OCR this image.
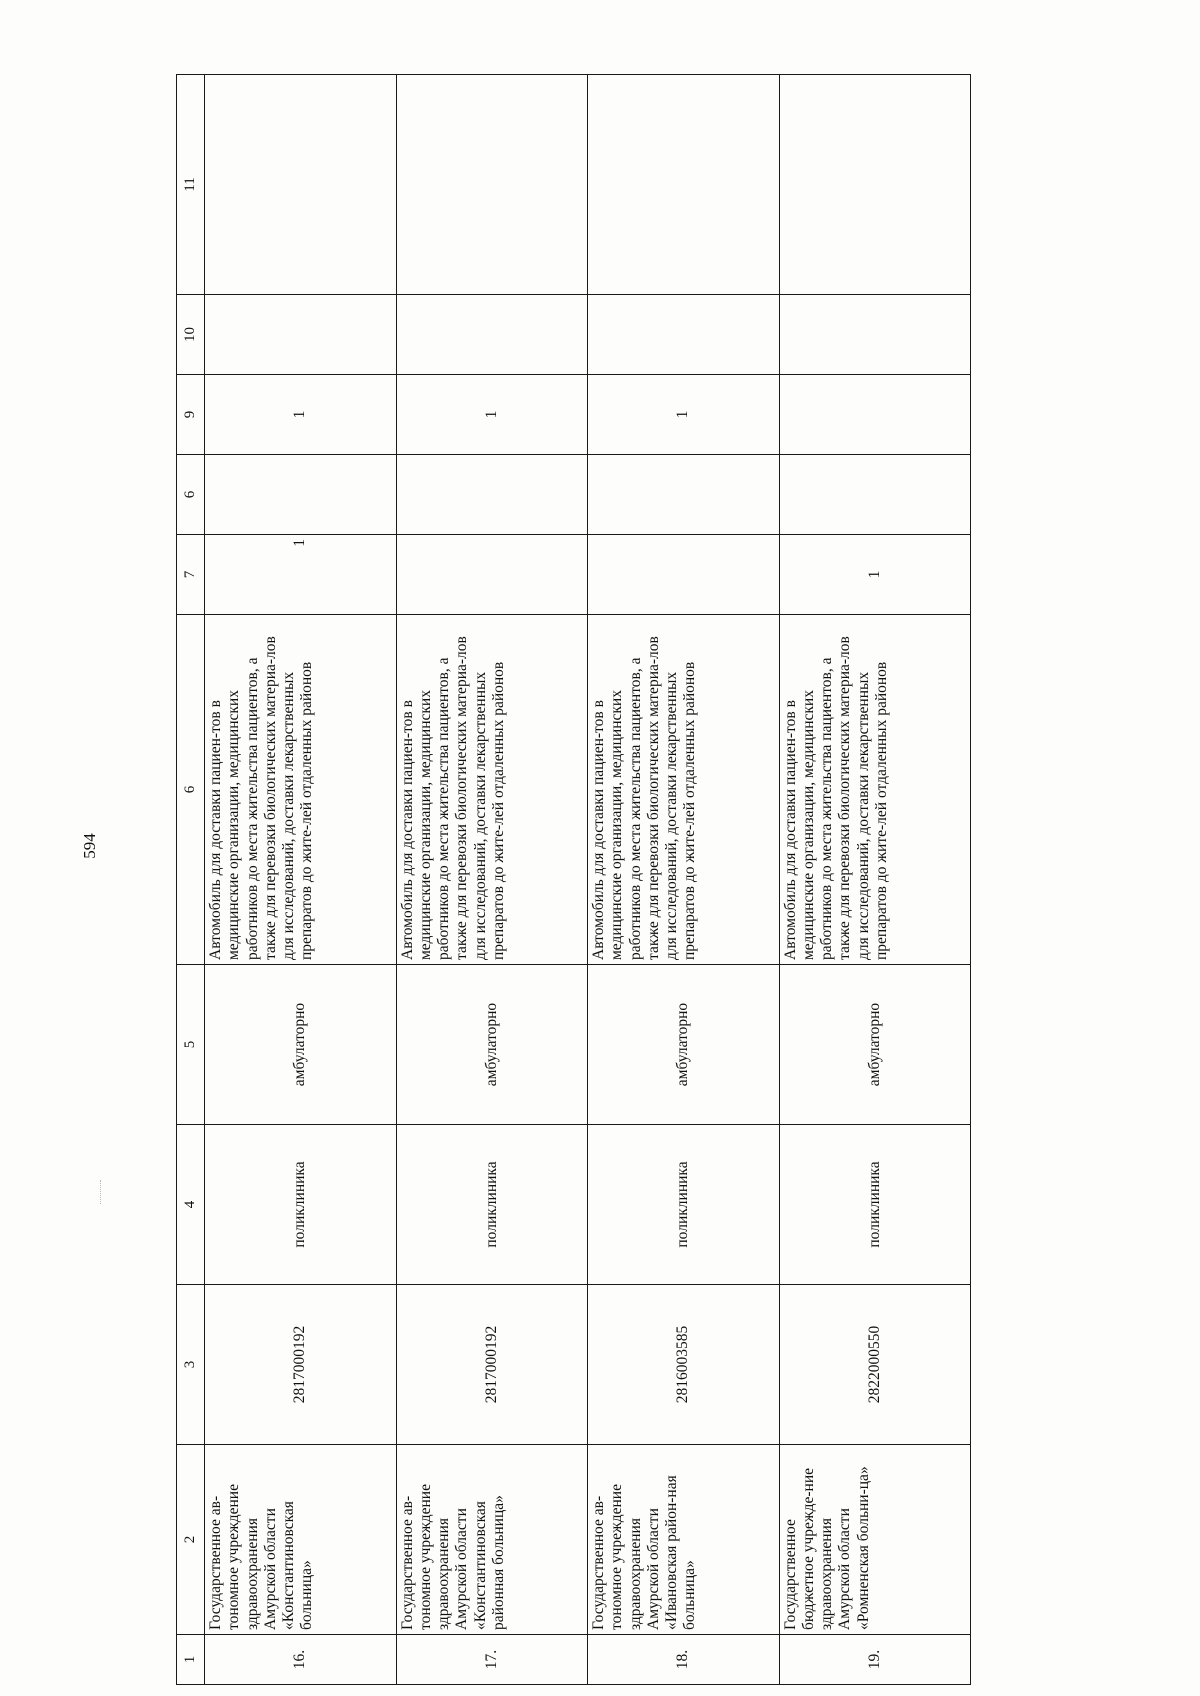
594
1	2	3	4	5	6	7	6	9	10	11
16.	Государственное ав-тономное учреждение здравоохранения Амурской области «Константиновская больница»	2817000192	поликлиника	амбулаторно	Автомобиль для доставки пациен-тов в медицинские организации, медицинских работников до места жительства пациентов, а также для перевозки биологических материа-лов для исследований, доставки лекарственных препаратов до жите-лей отдаленных районов	1		1		
17.	Государственное ав-тономное учреждение здравоохранения Амурской области «Константиновская районная больница»	2817000192	поликлиника	амбулаторно	Автомобиль для доставки пациен-тов в медицинские организации, медицинских работников до места жительства пациентов, а также для перевозки биологических материа-лов для исследований, доставки лекарственных препаратов до жите-лей отдаленных районов			1		
18.	Государственное ав-тономное учреждение здравоохранения Амурской области «Ивановская район-ная больница»	2816003585	поликлиника	амбулаторно	Автомобиль для доставки пациен-тов в медицинские организации, медицинских работников до места жительства пациентов, а также для перевозки биологических материа-лов для исследований, доставки лекарственных препаратов до жите-лей отдаленных районов			1		
19.	Государственное бюджетное учрежде-ние здравоохранения Амурской области «Ромненская больни-ца»	2822000550	поликлиника	амбулаторно	Автомобиль для доставки пациен-тов в медицинские организации, медицинских работников до места жительства пациентов, а также для перевозки биологических материа-лов для исследований, доставки лекарственных препаратов до жите-лей отдаленных районов	1				
